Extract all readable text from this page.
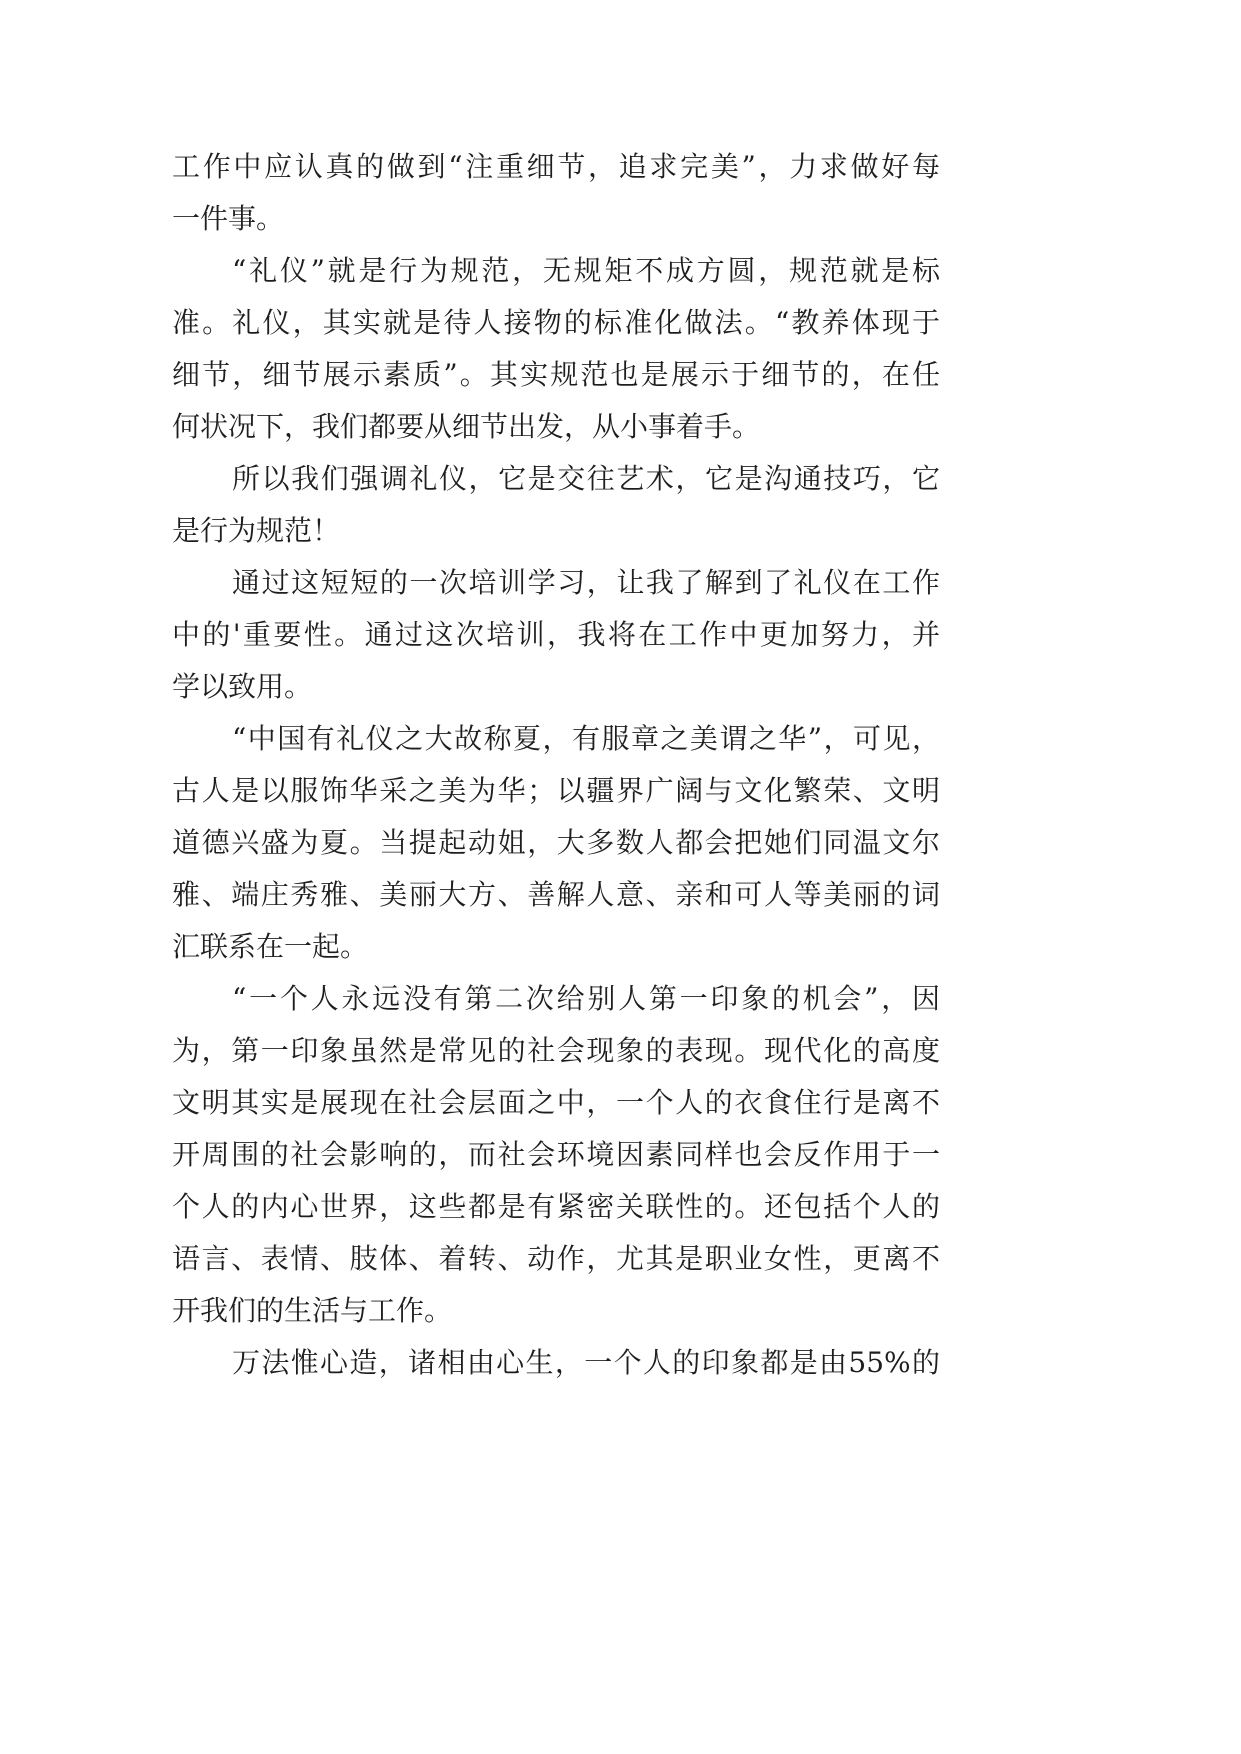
工作中应认真的做到“注重细节，追求完美”，力求做好每
一件事。
“礼仪”就是行为规范，无规矩不成方圆，规范就是标
准。礼仪，其实就是待人接物的标准化做法。“教养体现于
细节，细节展示素质”。其实规范也是展示于细节的，在任
何状况下，我们都要从细节出发，从小事着手。
所以我们强调礼仪，它是交往艺术，它是沟通技巧，它
是行为规范！
通过这短短的一次培训学习，让我了解到了礼仪在工作
中的'重要性。通过这次培训，我将在工作中更加努力，并
学以致用。
“中国有礼仪之大故称夏，有服章之美谓之华”，可见，
古人是以服饰华采之美为华；以疆界广阔与文化繁荣、文明
道德兴盛为夏。当提起动姐，大多数人都会把她们同温文尔
雅、端庄秀雅、美丽大方、善解人意、亲和可人等美丽的词
汇联系在一起。
“一个人永远没有第二次给别人第一印象的机会”，因
为，第一印象虽然是常见的社会现象的表现。现代化的高度
文明其实是展现在社会层面之中，一个人的衣食住行是离不
开周围的社会影响的，而社会环境因素同样也会反作用于一
个人的内心世界，这些都是有紧密关联性的。还包括个人的
语言、表情、肢体、着转、动作，尤其是职业女性，更离不
开我们的生活与工作。
万法惟心造，诸相由心生，一个人的印象都是由55%的
